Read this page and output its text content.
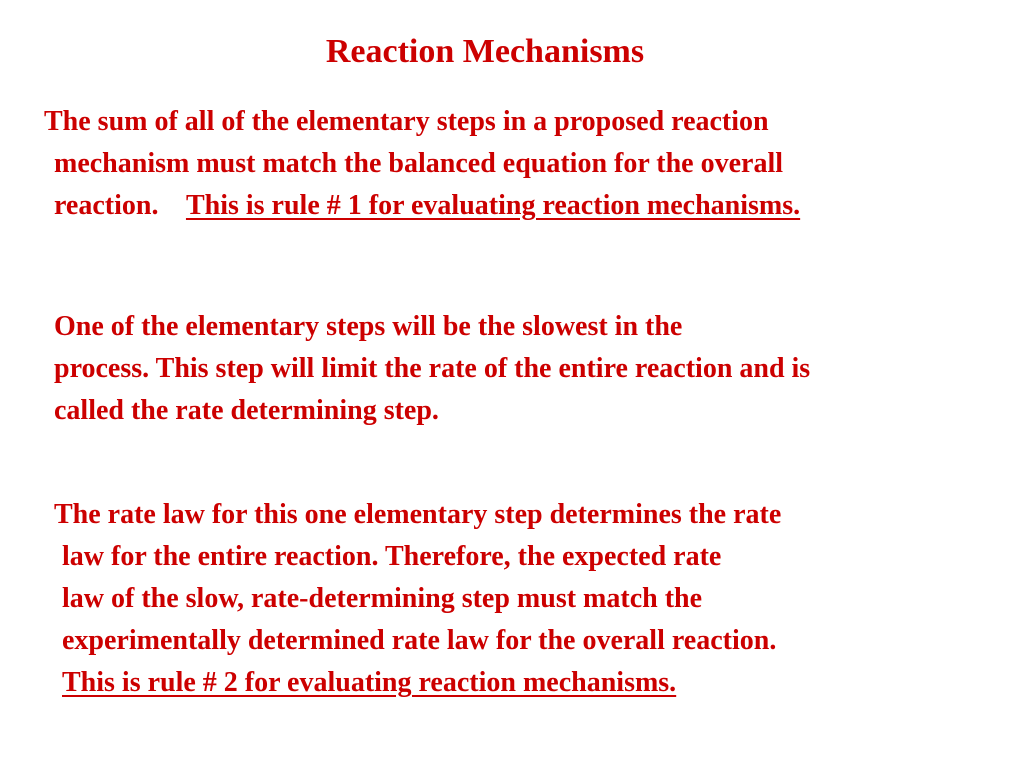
Reaction Mechanisms
The sum of all of the elementary steps in a proposed reaction
mechanism must match the balanced equation for the overall
reaction. This is rule # 1 for evaluating reaction mechanisms.
One of the elementary steps will be the slowest in the
process. This step will limit the rate of the entire reaction and is
called the rate determining step.
The rate law for this one elementary step determines the rate
law for the entire reaction. Therefore, the expected rate
law of the slow, rate-determining step must match the
experimentally determined rate law for the overall reaction.
This is rule # 2 for evaluating reaction mechanisms.
